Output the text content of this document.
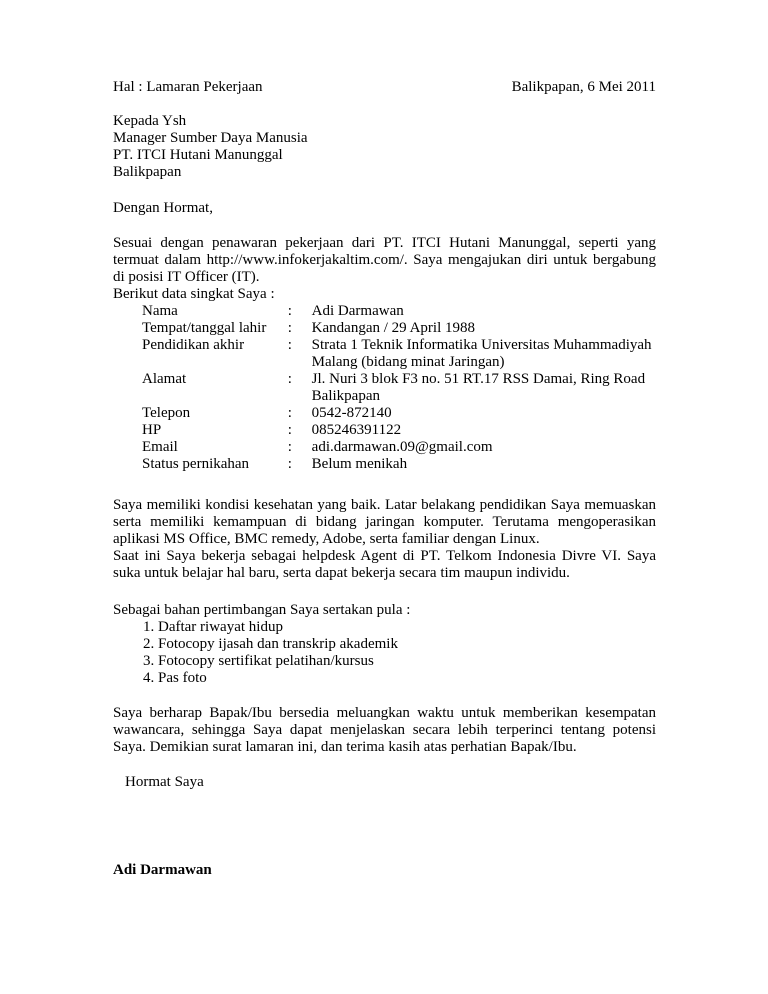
Hal : Lamaran Pekerjaan	Balikpapan, 6 Mei 2011
Kepada Ysh
Manager Sumber Daya Manusia
PT. ITCI Hutani Manunggal
Balikpapan
Dengan Hormat,
Sesuai dengan penawaran pekerjaan dari PT. ITCI Hutani Manunggal, seperti yang termuat dalam http://www.infokerjakaltim.com/. Saya mengajukan diri untuk bergabung di posisi IT Officer (IT).
Berikut data singkat Saya :
Nama	:	Adi Darmawan
Tempat/tanggal lahir	:	Kandangan / 29 April 1988
Pendidikan akhir	:	Strata 1 Teknik Informatika Universitas Muhammadiyah Malang (bidang minat Jaringan)
Alamat	:	Jl. Nuri 3 blok F3 no. 51 RT.17 RSS Damai, Ring Road Balikpapan
Telepon	:	0542-872140
HP	:	085246391122
Email	:	adi.darmawan.09@gmail.com
Status pernikahan	:	Belum menikah
Saya memiliki kondisi kesehatan yang baik. Latar belakang pendidikan Saya memuaskan serta memiliki kemampuan di bidang jaringan komputer. Terutama mengoperasikan aplikasi MS Office, BMC remedy, Adobe, serta familiar dengan Linux.
Saat ini Saya bekerja sebagai helpdesk Agent di PT. Telkom Indonesia Divre VI. Saya suka untuk belajar hal baru, serta dapat bekerja secara tim maupun individu.
Sebagai bahan pertimbangan Saya sertakan pula :
1. Daftar riwayat hidup
2. Fotocopy ijasah dan transkrip akademik
3. Fotocopy sertifikat pelatihan/kursus
4. Pas foto
Saya berharap Bapak/Ibu bersedia meluangkan waktu untuk memberikan kesempatan wawancara, sehingga Saya dapat menjelaskan secara lebih terperinci tentang potensi Saya. Demikian surat lamaran ini, dan terima kasih atas perhatian Bapak/Ibu.
Hormat Saya
Adi Darmawan
